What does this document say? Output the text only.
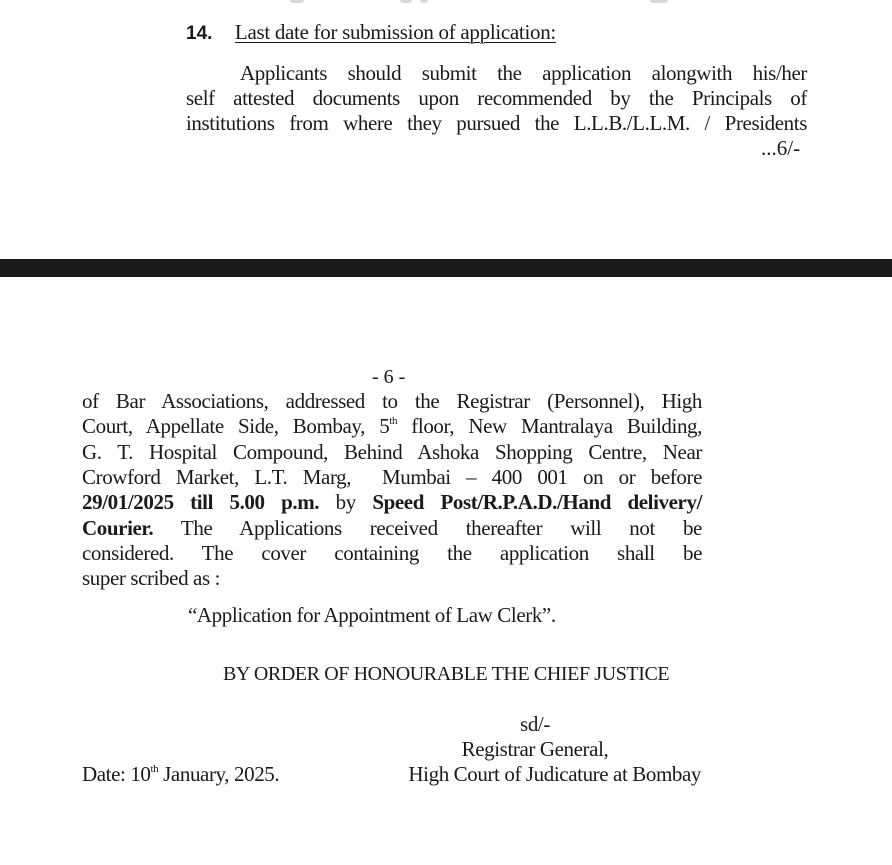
14. Last date for submission of application:
Applicants should submit the application alongwith his/her
self attested documents upon recommended by the Principals of
institutions from where they pursued the L.L.B./L.L.M. / Presidents
...6/-
- 6 -
of Bar Associations, addressed to the Registrar (Personnel), High
Court, Appellate Side, Bombay, 5th floor, New Mantralaya Building,
G. T. Hospital Compound, Behind Ashoka Shopping Centre, Near
Crowford Market, L.T. Marg,  Mumbai – 400 001 on or before
29/01/2025 till 5.00 p.m. by Speed Post/R.P.A.D./Hand delivery/
Courier. The Applications received thereafter will not be
considered. The cover containing the application shall be
super scribed as :
“Application for Appointment of Law Clerk”.
BY ORDER OF HONOURABLE THE CHIEF JUSTICE
sd/-
Registrar General,
High Court of Judicature at Bombay
Date: 10th January, 2025.
